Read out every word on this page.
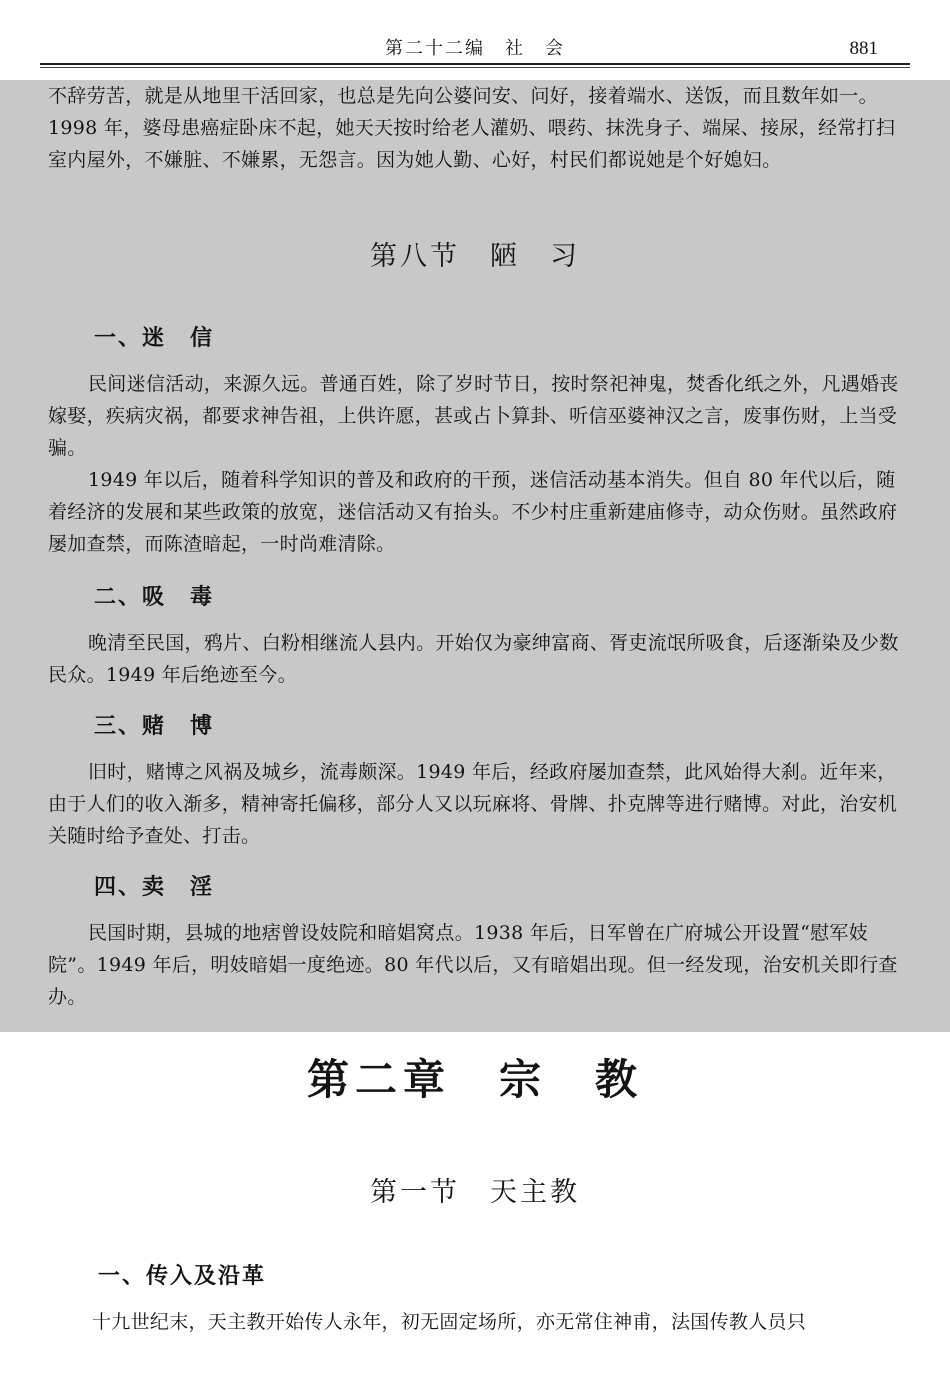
第二十二编　社　会	881

不辞劳苦，就是从地里干活回家，也总是先向公婆问安、问好，接着端水、送饭，而且数年如一。1998 年，婆母患癌症卧床不起，她天天按时给老人灌奶、喂药、抹洗身子、端屎、接尿，经常打扫室内屋外，不嫌脏、不嫌累，无怨言。因为她人勤、心好，村民们都说她是个好媳妇。

第八节　陋　习
一、迷　信

民间迷信活动，来源久远。普通百姓，除了岁时节日，按时祭祀神鬼，焚香化纸之外，凡遇婚丧嫁娶，疾病灾祸，都要求神告祖，上供许愿，甚或占卜算卦、听信巫婆神汉之言，废事伤财，上当受骗。

1949 年以后，随着科学知识的普及和政府的干预，迷信活动基本消失。但自 80 年代以后，随着经济的发展和某些政策的放宽，迷信活动又有抬头。不少村庄重新建庙修寺，动众伤财。虽然政府屡加查禁，而陈渣暗起，一时尚难清除。

二、吸　毒

晚清至民国，鸦片、白粉相继流人县内。开始仅为豪绅富商、胥吏流氓所吸食，后逐渐染及少数民众。1949 年后绝迹至今。

三、赌　博

旧时，赌博之风祸及城乡，流毒颇深。1949 年后，经政府屡加查禁，此风始得大刹。近年来，由于人们的收入渐多，精神寄托偏移，部分人又以玩麻将、骨牌、扑克牌等进行赌博。对此，治安机关随时给予查处、打击。

四、卖　淫

民国时期，县城的地痞曾设妓院和暗娼窝点。1938 年后，日军曾在广府城公开设置“慰军妓院”。1949 年后，明妓暗娼一度绝迹。80 年代以后，又有暗娼出现。但一经发现，治安机关即行查办。

第二章　宗　教
第一节　天主教
一、传入及沿革

十九世纪末，天主教开始传人永年，初无固定场所，亦无常住神甫，法国传教人员只
